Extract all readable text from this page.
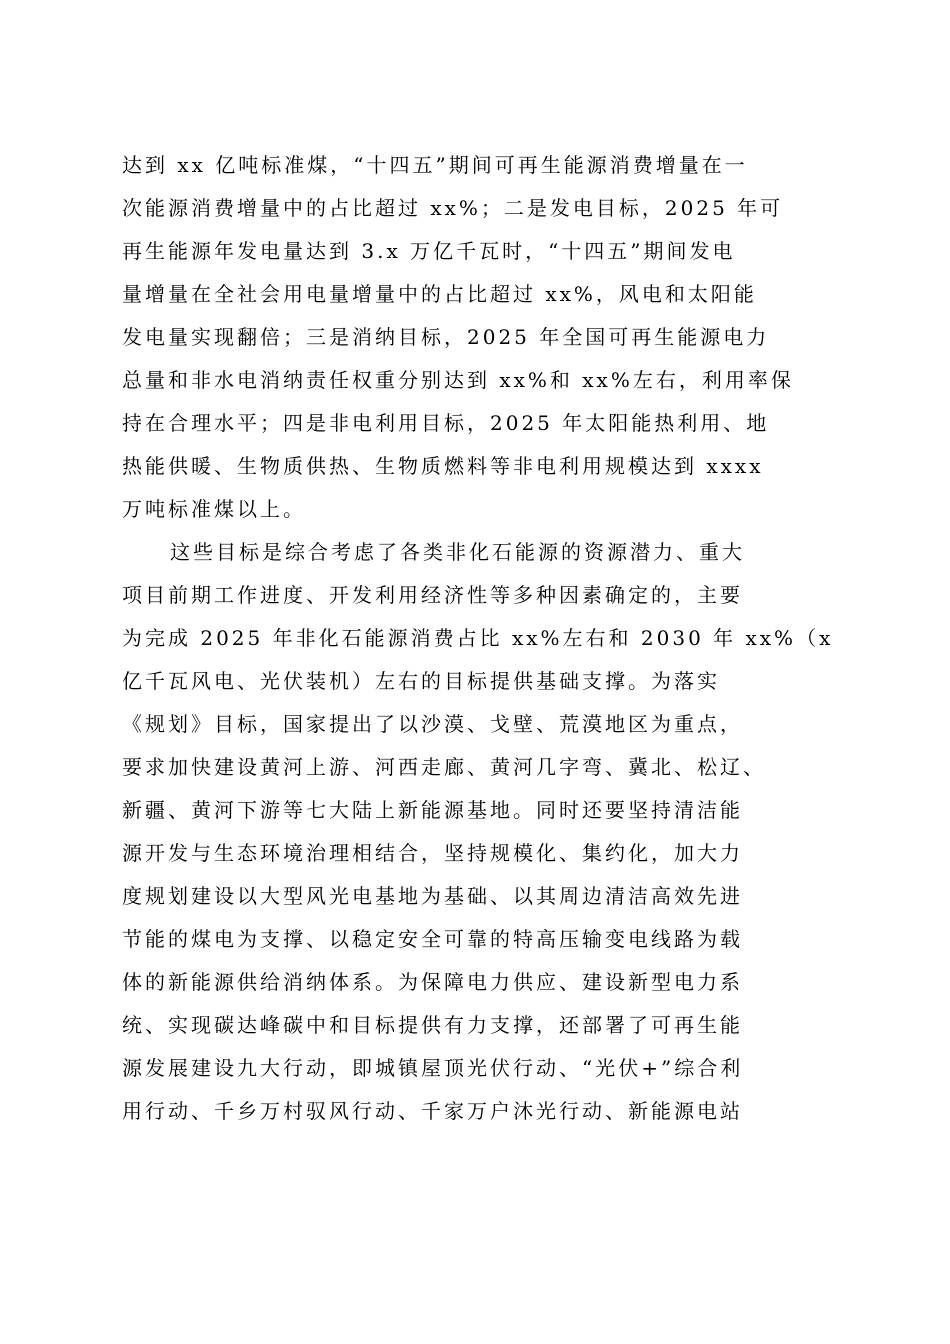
达到 xx 亿吨标准煤，“十四五”期间可再生能源消费增量在一
次能源消费增量中的占比超过 xx%；二是发电目标，2025 年可
再生能源年发电量达到 3.x 万亿千瓦时，“十四五”期间发电
量增量在全社会用电量增量中的占比超过 xx%，风电和太阳能
发电量实现翻倍；三是消纳目标，2025 年全国可再生能源电力
总量和非水电消纳责任权重分别达到 xx%和 xx%左右，利用率保
持在合理水平；四是非电利用目标，2025 年太阳能热利用、地
热能供暖、生物质供热、生物质燃料等非电利用规模达到 xxxx
万吨标准煤以上。
这些目标是综合考虑了各类非化石能源的资源潜力、重大
项目前期工作进度、开发利用经济性等多种因素确定的，主要
为完成 2025 年非化石能源消费占比 xx%左右和 2030 年 xx%（x
亿千瓦风电、光伏装机）左右的目标提供基础支撑。为落实
《规划》目标，国家提出了以沙漠、戈壁、荒漠地区为重点，
要求加快建设黄河上游、河西走廊、黄河几字弯、冀北、松辽、
新疆、黄河下游等七大陆上新能源基地。同时还要坚持清洁能
源开发与生态环境治理相结合，坚持规模化、集约化，加大力
度规划建设以大型风光电基地为基础、以其周边清洁高效先进
节能的煤电为支撑、以稳定安全可靠的特高压输变电线路为载
体的新能源供给消纳体系。为保障电力供应、建设新型电力系
统、实现碳达峰碳中和目标提供有力支撑，还部署了可再生能
源发展建设九大行动，即城镇屋顶光伏行动、“光伏+”综合利
用行动、千乡万村驭风行动、千家万户沐光行动、新能源电站
